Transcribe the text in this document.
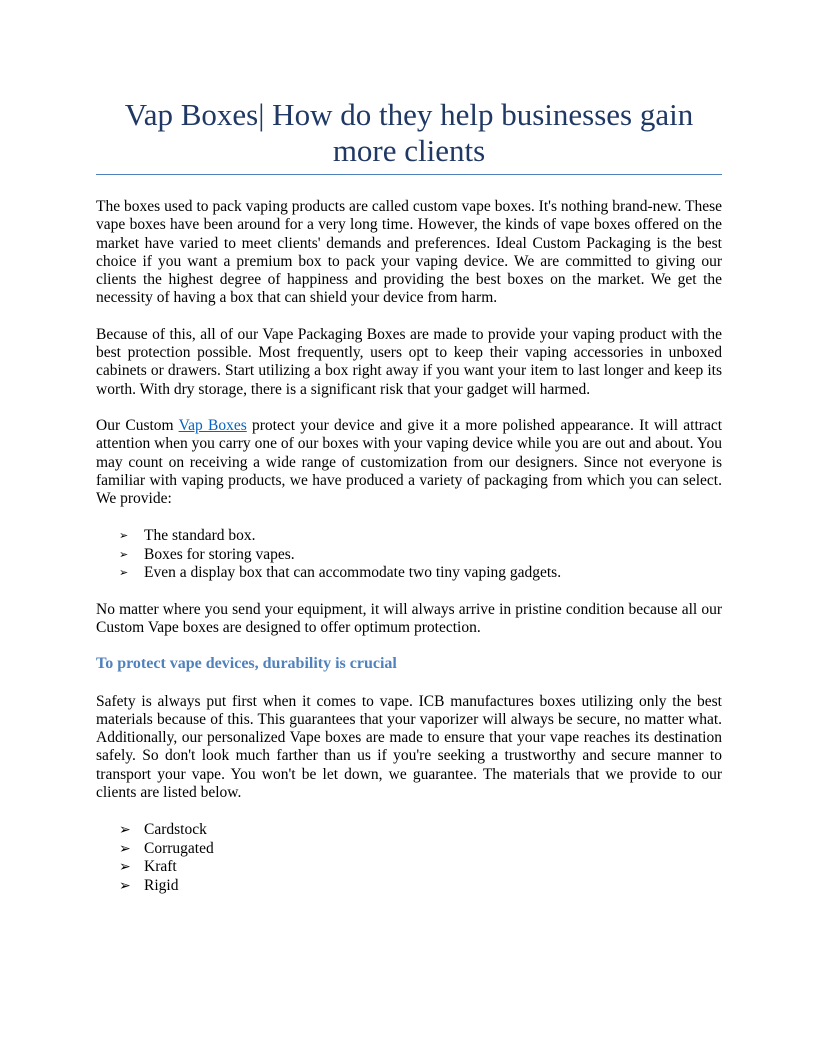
Vap Boxes| How do they help businesses gain more clients

The boxes used to pack vaping products are called custom vape boxes. It's nothing brand-new. These vape boxes have been around for a very long time. However, the kinds of vape boxes offered on the market have varied to meet clients' demands and preferences. Ideal Custom Packaging is the best choice if you want a premium box to pack your vaping device. We are committed to giving our clients the highest degree of happiness and providing the best boxes on the market. We get the necessity of having a box that can shield your device from harm.

Because of this, all of our Vape Packaging Boxes are made to provide your vaping product with the best protection possible. Most frequently, users opt to keep their vaping accessories in unboxed cabinets or drawers. Start utilizing a box right away if you want your item to last longer and keep its worth. With dry storage, there is a significant risk that your gadget will harmed.

Our Custom Vap Boxes protect your device and give it a more polished appearance. It will attract attention when you carry one of our boxes with your vaping device while you are out and about. You may count on receiving a wide range of customization from our designers. Since not everyone is familiar with vaping products, we have produced a variety of packaging from which you can select. We provide:

➢ The standard box.
➢ Boxes for storing vapes.
➢ Even a display box that can accommodate two tiny vaping gadgets.

No matter where you send your equipment, it will always arrive in pristine condition because all our Custom Vape boxes are designed to offer optimum protection.

To protect vape devices, durability is crucial

Safety is always put first when it comes to vape. ICB manufactures boxes utilizing only the best materials because of this. This guarantees that your vaporizer will always be secure, no matter what. Additionally, our personalized Vape boxes are made to ensure that your vape reaches its destination safely. So don't look much farther than us if you're seeking a trustworthy and secure manner to transport your vape. You won't be let down, we guarantee. The materials that we provide to our clients are listed below.

➢ Cardstock
➢ Corrugated
➢ Kraft
➢ Rigid
